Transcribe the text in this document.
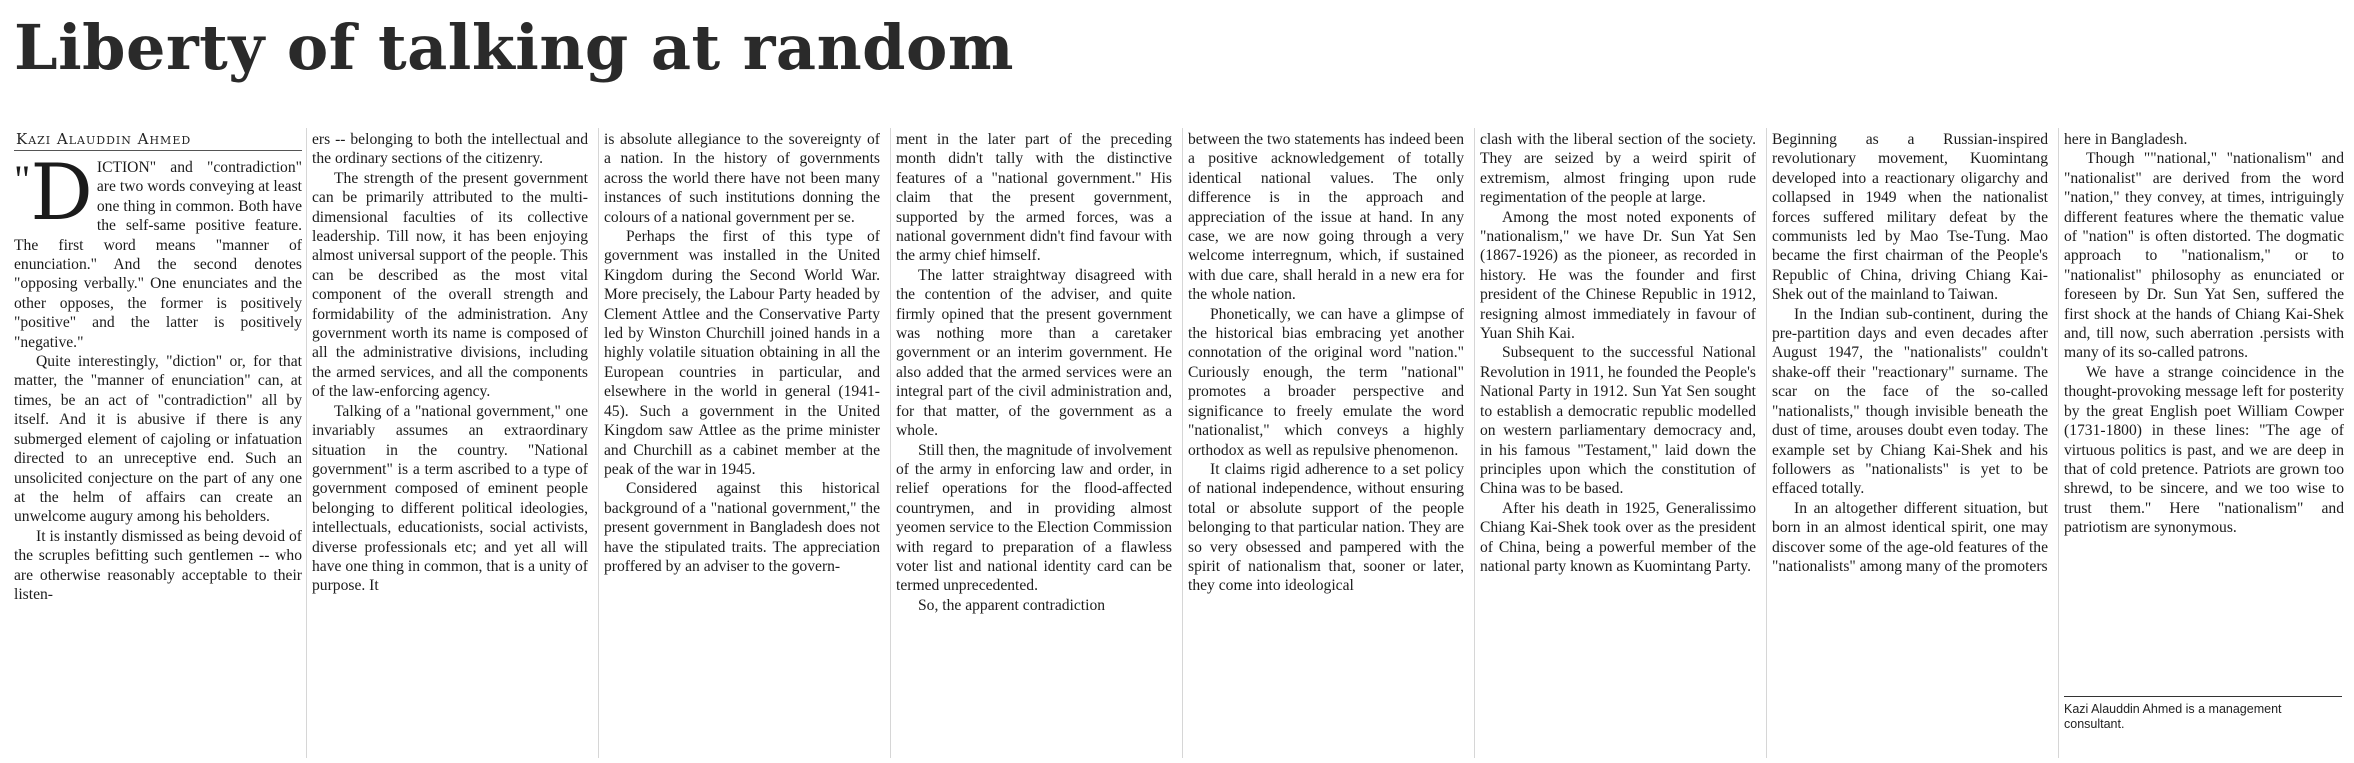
Liberty of talking at random
Kazi Alauddin Ahmed

" D ICTION" and "contradiction" are two words conveying at least one thing in common. Both have the self-same positive feature. The first word means "manner of enunciation." And the second denotes "opposing verbally." One enunciates and the other opposes, the former is positively "positive" and the latter is positively "negative."

Quite interestingly, "diction" or, for that matter, the "manner of enunciation" can, at times, be an act of "contradiction" all by itself. And it is abusive if there is any submerged element of cajoling or infatuation directed to an unreceptive end. Such an unsolicited conjecture on the part of any one at the helm of affairs can create an unwelcome augury among his beholders.

It is instantly dismissed as being devoid of the scruples befitting such gentlemen -- who are otherwise reasonably acceptable to their listen-

ers -- belonging to both the intellectual and the ordinary sections of the citizenry.

The strength of the present government can be primarily attributed to the multi-dimensional faculties of its collective leadership. Till now, it has been enjoying almost universal support of the people. This can be described as the most vital component of the overall strength and formidability of the administration. Any government worth its name is composed of all the administrative divisions, including the armed services, and all the components of the law-enforcing agency.

Talking of a "national government," one invariably assumes an extraordinary situation in the country. "National government" is a term ascribed to a type of government composed of eminent people belonging to different political ideologies, intellectuals, educationists, social activists, diverse professionals etc; and yet all will have one thing in common, that is a unity of purpose. It

is absolute allegiance to the sovereignty of a nation. In the history of governments across the world there have not been many instances of such institutions donning the colours of a national government per se.

Perhaps the first of this type of government was installed in the United Kingdom during the Second World War. More precisely, the Labour Party headed by Clement Attlee and the Conservative Party led by Winston Churchill joined hands in a highly volatile situation obtaining in all the European countries in particular, and elsewhere in the world in general (1941-45). Such a government in the United Kingdom saw Attlee as the prime minister and Churchill as a cabinet member at the peak of the war in 1945.

Considered against this historical background of a "national government," the present government in Bangladesh does not have the stipulated traits. The appreciation proffered by an adviser to the govern-

ment in the later part of the preceding month didn't tally with the distinctive features of a "national government." His claim that the present government, supported by the armed forces, was a national government didn't find favour with the army chief himself.

The latter straightway disagreed with the contention of the adviser, and quite firmly opined that the present government was nothing more than a caretaker government or an interim government. He also added that the armed services were an integral part of the civil administration and, for that matter, of the government as a whole.

Still then, the magnitude of involvement of the army in enforcing law and order, in relief operations for the flood-affected countrymen, and in providing almost yeomen service to the Election Commission with regard to preparation of a flawless voter list and national identity card can be termed unprecedented.

So, the apparent contradiction

between the two statements has indeed been a positive acknowledgement of totally identical national values. The only difference is in the approach and appreciation of the issue at hand. In any case, we are now going through a very welcome interregnum, which, if sustained with due care, shall herald in a new era for the whole nation.

Phonetically, we can have a glimpse of the historical bias embracing yet another connotation of the original word "nation." Curiously enough, the term "national" promotes a broader perspective and significance to freely emulate the word "nationalist," which conveys a highly orthodox as well as repulsive phenomenon.

It claims rigid adherence to a set policy of national independence, without ensuring total or absolute support of the people belonging to that particular nation. They are so very obsessed and pampered with the spirit of nationalism that, sooner or later, they come into ideological

clash with the liberal section of the society. They are seized by a weird spirit of extremism, almost fringing upon rude regimentation of the people at large.

Among the most noted exponents of "nationalism," we have Dr. Sun Yat Sen (1867-1926) as the pioneer, as recorded in history. He was the founder and first president of the Chinese Republic in 1912, resigning almost immediately in favour of Yuan Shih Kai.

Subsequent to the successful National Revolution in 1911, he founded the People's National Party in 1912. Sun Yat Sen sought to establish a democratic republic modelled on western parliamentary democracy and, in his famous "Testament," laid down the principles upon which the constitution of China was to be based.

After his death in 1925, Generalissimo Chiang Kai-Shek took over as the president of China, being a powerful member of the national party known as Kuomintang Party.

Beginning as a Russian-inspired revolutionary movement, Kuomintang developed into a reactionary oligarchy and collapsed in 1949 when the nationalist forces suffered military defeat by the communists led by Mao Tse-Tung. Mao became the first chairman of the People's Republic of China, driving Chiang Kai-Shek out of the mainland to Taiwan.

In the Indian sub-continent, during the pre-partition days and even decades after August 1947, the "nationalists" couldn't shake-off their "reactionary" surname. The scar on the face of the so-called "nationalists," though invisible beneath the dust of time, arouses doubt even today. The example set by Chiang Kai-Shek and his followers as "nationalists" is yet to be effaced totally.

In an altogether different situation, but born in an almost identical spirit, one may discover some of the age-old features of the "nationalists" among many of the promoters

here in Bangladesh.

Though ""national," "nationalism" and "nationalist" are derived from the word "nation," they convey, at times, intriguingly different features where the thematic value of "nation" is often distorted. The dogmatic approach to "nationalism," or to "nationalist" philosophy as enunciated or foreseen by Dr. Sun Yat Sen, suffered the first shock at the hands of Chiang Kai-Shek and, till now, such aberration .persists with many of its so-called patrons.

We have a strange coincidence in the thought-provoking message left for posterity by the great English poet William Cowper (1731-1800) in these lines: "The age of virtuous politics is past, and we are deep in that of cold pretence. Patriots are grown too shrewd, to be sincere, and we too wise to trust them." Here "nationalism" and patriotism are synonymous.

Kazi Alauddin Ahmed is a management consultant.
